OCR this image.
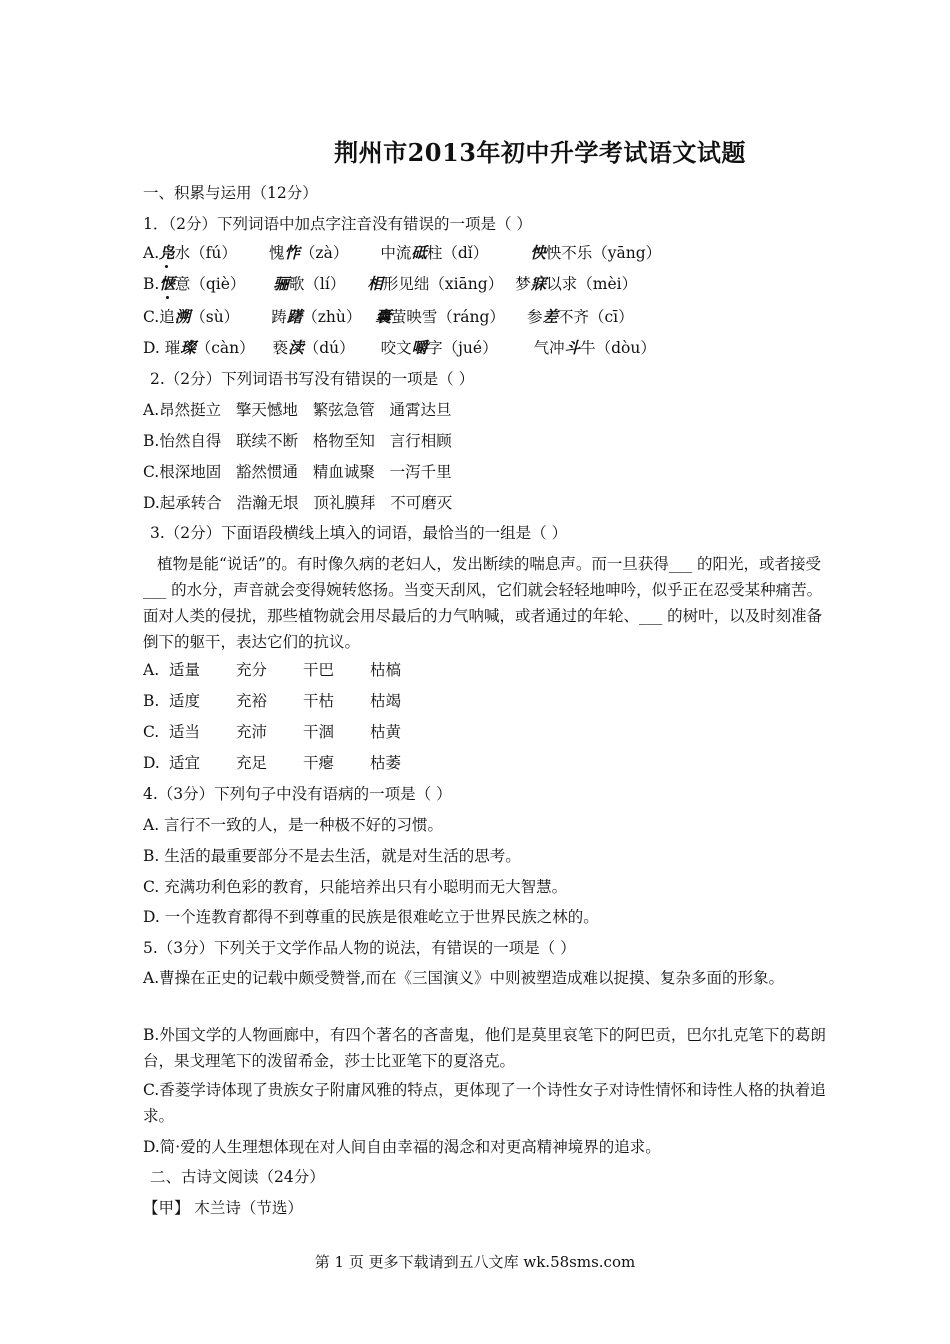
荆州市2013年初中升学考试语文试题
一、积累与运用（12分）
1．（2分）下列词语中加点字注音没有错误的一项是（ ）
A.凫水（fú） 愧怍（zà） 中流砥柱（dǐ）	怏怏不乐（yāng）
B.惬意（qiè） 骊歌（lí） 相形见绌（xiāng） 梦寐以求（mèi）
C.追溯（sù） 踌躇（zhù） 囊萤映雪（ráng） 参差不齐（cī）
D. 璀璨（càn） 亵渎（dú） 咬文嚼字（jué） 气冲斗牛（dòu）
2.（2分）下列词语书写没有错误的一项是（ ）
A.昂然挺立 擎天憾地 繁弦急管 通霄达旦
B.怡然自得 联续不断 格物至知 言行相顾
C.根深地固 豁然惯通 精血诚聚 一泻千里
D.起承转合 浩瀚无垠 顶礼膜拜 不可磨灭
3.（2分）下面语段横线上填入的词语，最恰当的一组是（ ）
植物是能“说话”的。有时像久病的老妇人，发出断续的喘息声。而一旦获得___ 的阳光，或者接受___ 的水分，声音就会变得婉转悠扬。当变天刮风，它们就会轻轻地呻吟，似乎正在忍受某种痛苦。面对人类的侵扰，那些植物就会用尽最后的力气呐喊，或者通过的年轮、___ 的树叶，以及时刻准备倒下的躯干，表达它们的抗议。
A. 适量 充分 干巴 枯槁
B. 适度 充裕 干枯 枯竭
C. 适当 充沛 干涸 枯黄
D. 适宜 充足 干瘪 枯萎
4.（3分）下列句子中没有语病的一项是（ ）
A. 言行不一致的人，是一种极不好的习惯。
B. 生活的最重要部分不是去生活，就是对生活的思考。
C. 充满功利色彩的教育，只能培养出只有小聪明而无大智慧。
D. 一个连教育都得不到尊重的民族是很难屹立于世界民族之林的。
5.（3分）下列关于文学作品人物的说法，有错误的一项是（ ）
A.曹操在正史的记载中颇受赞誉,而在《三国演义》中则被塑造成难以捉摸、复杂多面的形象。
B.外国文学的人物画廊中，有四个著名的吝啬鬼，他们是莫里哀笔下的阿巴贡，巴尔扎克笔下的葛朗台，果戈理笔下的泼留希金，莎士比亚笔下的夏洛克。
C.香菱学诗体现了贵族女子附庸风雅的特点，更体现了一个诗性女子对诗性情怀和诗性人格的执着追求。
D.简·爱的人生理想体现在对人间自由幸福的渴念和对更高精神境界的追求。
二、古诗文阅读（24分）
【甲】 木兰诗（节选）
第 1 页 更多下载请到五八文库 wk.58sms.com
